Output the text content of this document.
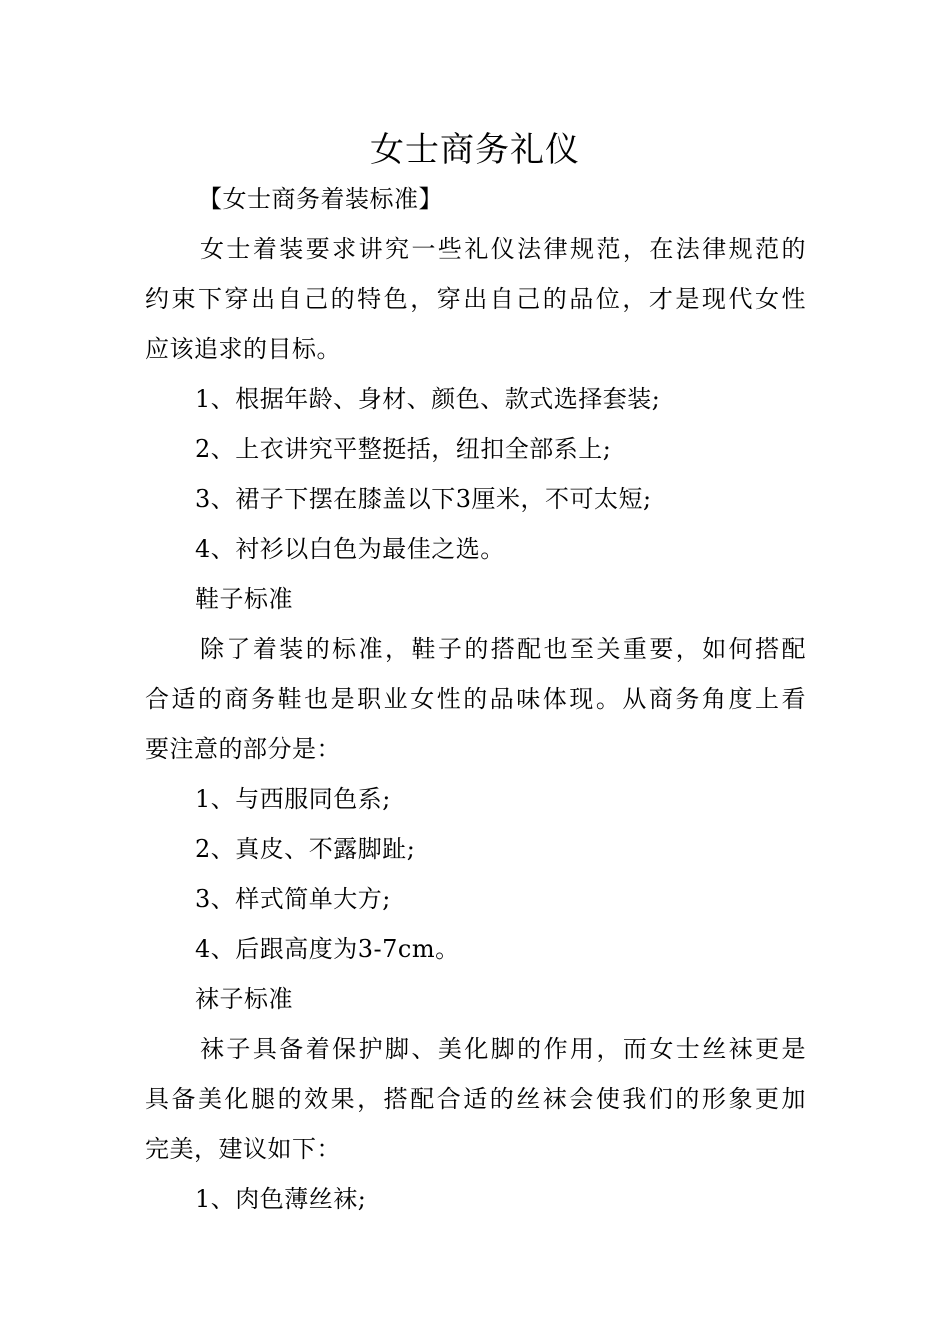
女士商务礼仪
【女士商务着装标准】
女士着装要求讲究一些礼仪法律规范，在法律规范的
约束下穿出自己的特色，穿出自己的品位，才是现代女性
应该追求的目标。
1、根据年龄、身材、颜色、款式选择套装;
2、上衣讲究平整挺括，纽扣全部系上;
3、裙子下摆在膝盖以下3厘米，不可太短;
4、衬衫以白色为最佳之选。
鞋子标准
除了着装的标准，鞋子的搭配也至关重要，如何搭配
合适的商务鞋也是职业女性的品味体现。从商务角度上看
要注意的部分是：
1、与西服同色系;
2、真皮、不露脚趾;
3、样式简单大方;
4、后跟高度为3-7cm。
袜子标准
袜子具备着保护脚、美化脚的作用，而女士丝袜更是
具备美化腿的效果，搭配合适的丝袜会使我们的形象更加
完美，建议如下：
1、肉色薄丝袜;
